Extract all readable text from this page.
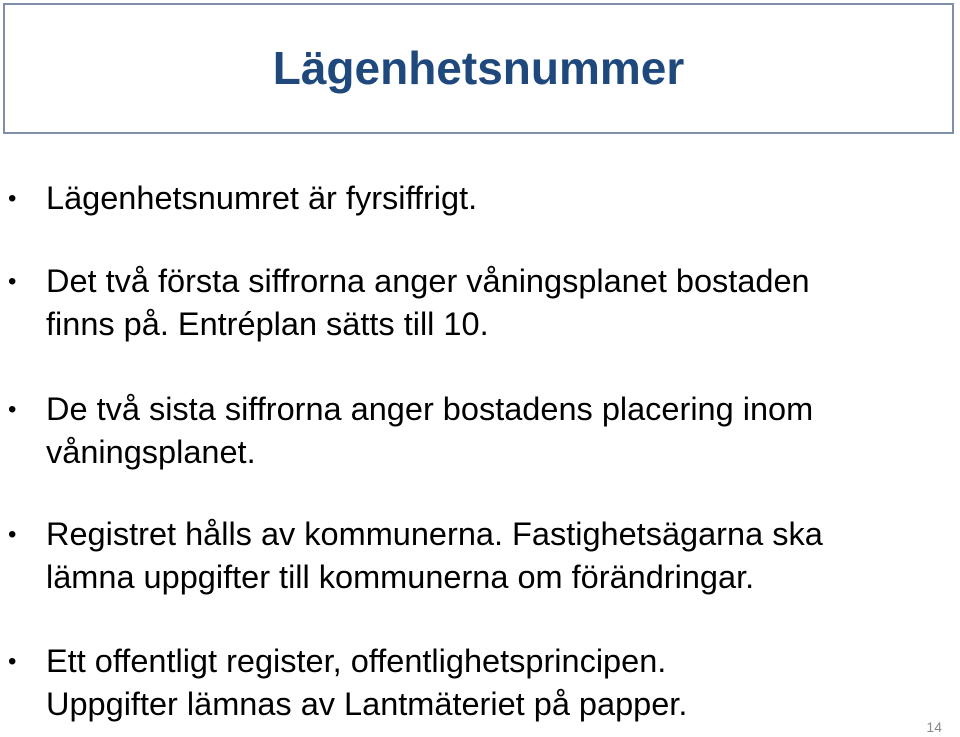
Lägenhetsnummer
• Lägenhetsnumret är fyrsiffrigt.
• Det två första siffrorna anger våningsplanet bostaden
finns på. Entréplan sätts till 10.
• De två sista siffrorna anger bostadens placering inom
våningsplanet.
• Registret hålls av kommunerna. Fastighetsägarna ska
lämna uppgifter till kommunerna om förändringar.
• Ett offentligt register, offentlighetsprincipen.
Uppgifter lämnas av Lantmäteriet på papper.
14
